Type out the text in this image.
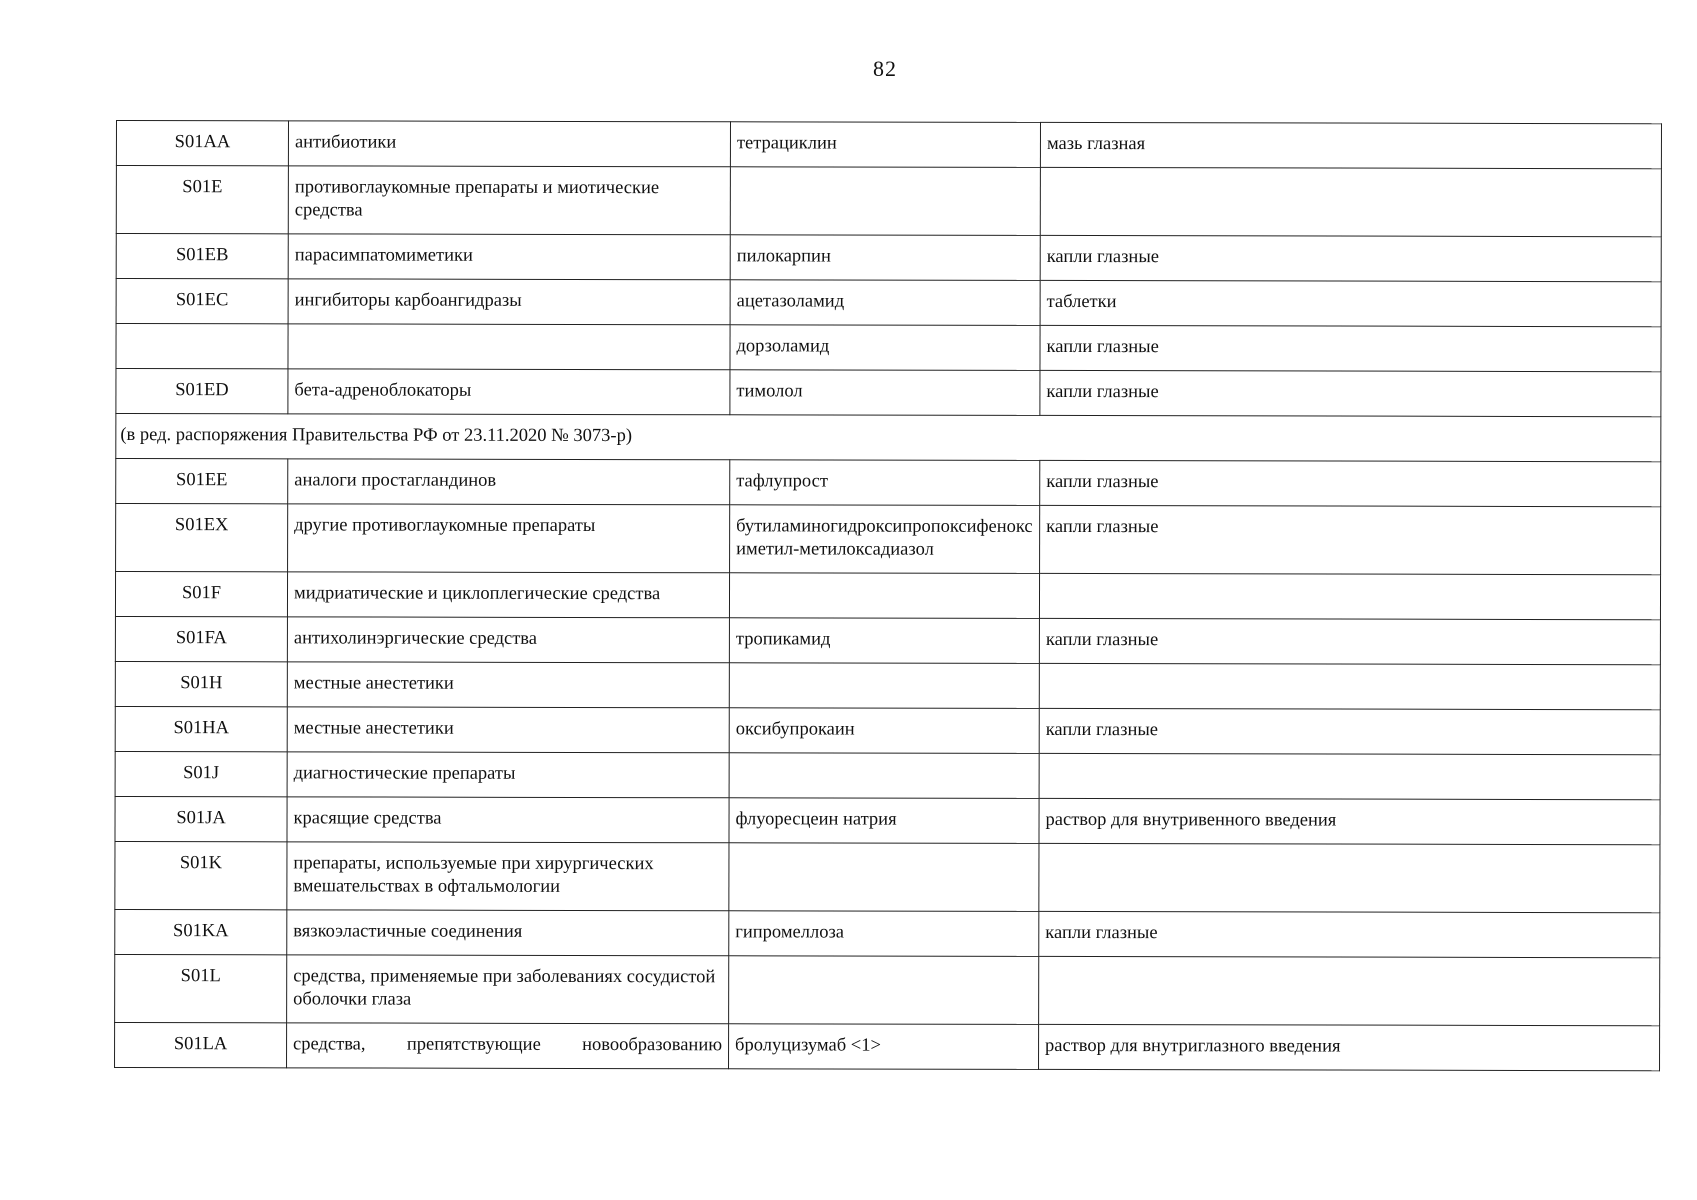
82
S01AA	антибиотики	тетрациклин	мазь глазная
S01E	противоглаукомные препараты и миотические средства		
S01EB	парасимпатомиметики	пилокарпин	капли глазные
S01EC	ингибиторы карбоангидразы	ацетазоламид	таблетки
		дорзоламид	капли глазные
S01ED	бета-адреноблокаторы	тимолол	капли глазные
(в ред. распоряжения Правительства РФ от 23.11.2020 № 3073-р)			
S01EE	аналоги простагландинов	тафлупрост	капли глазные
S01EX	другие противоглаукомные препараты	бутиламиногидроксипропоксифеноксиметил-метилоксадиазол	капли глазные
S01F	мидриатические и циклоплегические средства		
S01FA	антихолинэргические средства	тропикамид	капли глазные
S01H	местные анестетики		
S01HA	местные анестетики	оксибупрокаин	капли глазные
S01J	диагностические препараты		
S01JA	красящие средства	флуоресцеин натрия	раствор для внутривенного введения
S01K	препараты, используемые при хирургических вмешательствах в офтальмологии		
S01KA	вязкоэластичные соединения	гипромеллоза	капли глазные
S01L	средства, применяемые при заболеваниях сосудистой оболочки глаза		
S01LA	средства, препятствующие новообразованию	бролуцизумаб <1>	раствор для внутриглазного введения
